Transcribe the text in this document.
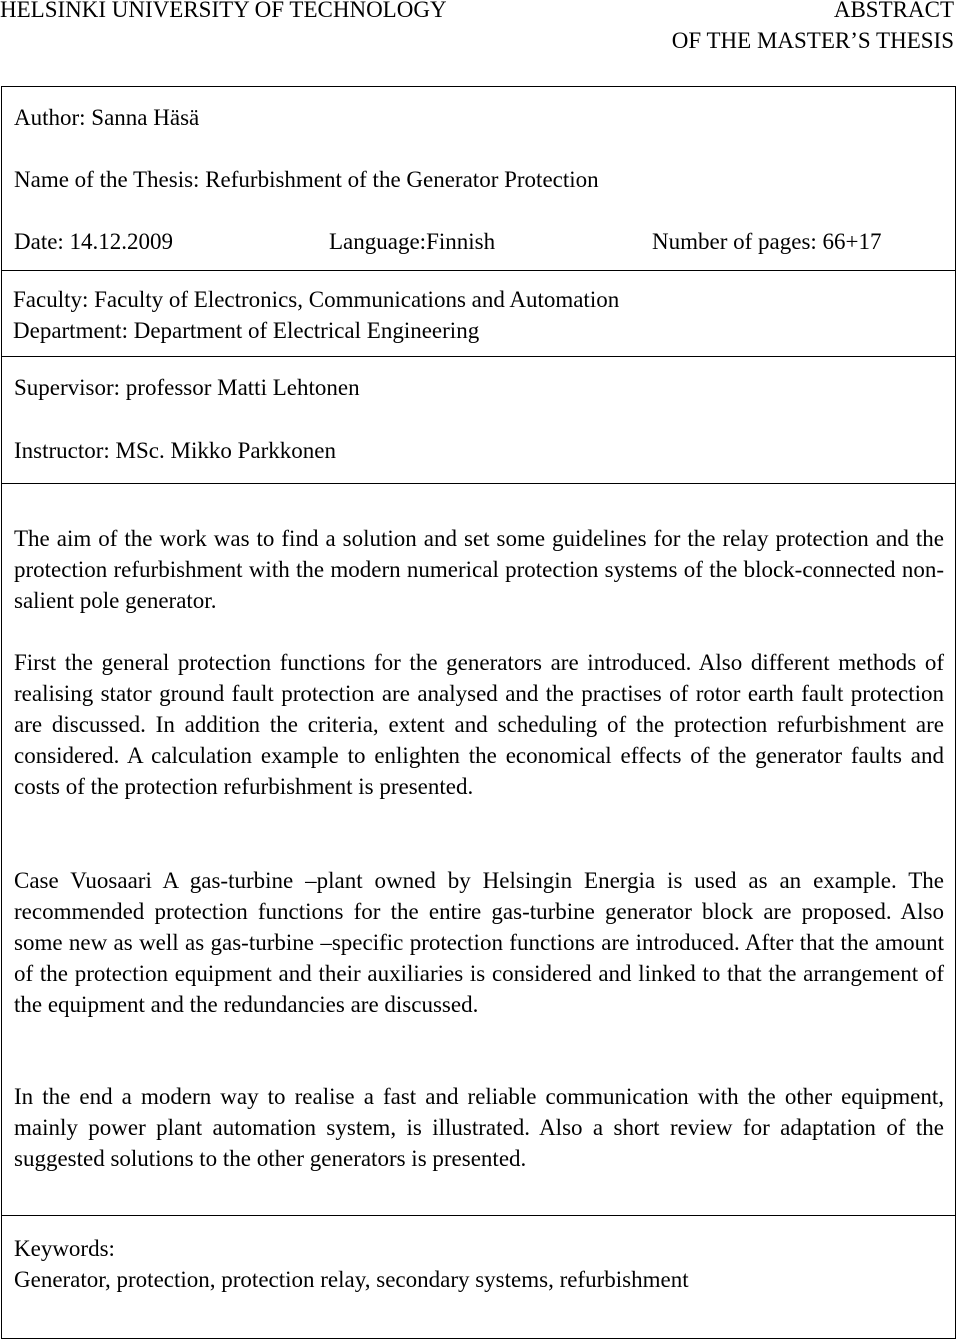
HELSINKI UNIVERSITY OF TECHNOLOGY	ABSTRACT
OF THE MASTER’S THESIS
Author: Sanna Häsä
Name of the Thesis: Refurbishment of the Generator Protection
Date: 14.12.2009	Language:Finnish	Number of pages: 66+17
Faculty: Faculty of Electronics, Communications and Automation
Department: Department of Electrical Engineering
Supervisor: professor Matti Lehtonen
Instructor: MSc. Mikko Parkkonen
The aim of the work was to find a solution and set some guidelines for the relay protection and the protection refurbishment with the modern numerical protection systems of the block-connected non-salient pole generator.
First the general protection functions for the generators are introduced. Also different methods of realising stator ground fault protection are analysed and the practises of rotor earth fault protection are discussed. In addition the criteria, extent and scheduling of the protection refurbishment are considered. A calculation example to enlighten the economical effects of the generator faults and costs of the protection refurbishment is presented.
Case Vuosaari A gas-turbine –plant owned by Helsingin Energia is used as an example. The recommended protection functions for the entire gas-turbine generator block are proposed. Also some new as well as gas-turbine –specific protection functions are introduced. After that the amount of the protection equipment and their auxiliaries is considered and linked to that the arrangement of the equipment and the redundancies are discussed.
In the end a modern way to realise a fast and reliable communication with the other equipment, mainly power plant automation system, is illustrated. Also a short review for adaptation of the suggested solutions to the other generators is presented.
Keywords:
Generator, protection, protection relay, secondary systems, refurbishment
